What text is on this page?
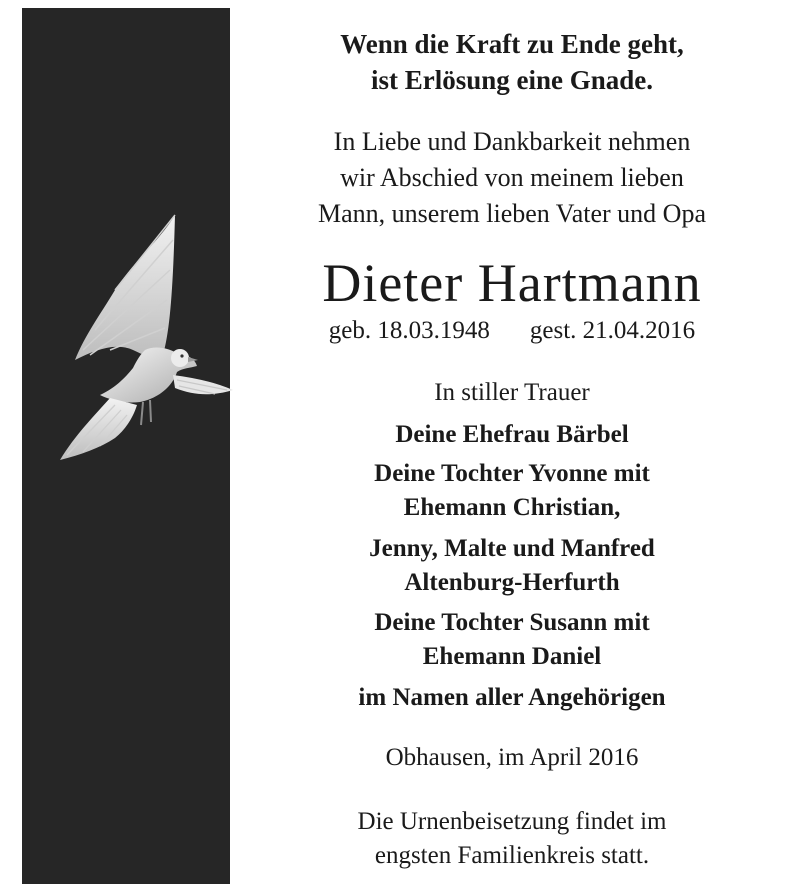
Wenn die Kraft zu Ende geht,
ist Erlösung eine Gnade.
In Liebe und Dankbarkeit nehmen
wir Abschied von meinem lieben
Mann, unserem lieben Vater und Opa
Dieter Hartmann
geb. 18.03.1948 gest. 21.04.2016
In stiller Trauer
Deine Ehefrau Bärbel
Deine Tochter Yvonne mit
Ehemann Christian,
Jenny, Malte und Manfred
Altenburg-Herfurth
Deine Tochter Susann mit
Ehemann Daniel
im Namen aller Angehörigen
Obhausen, im April 2016
Die Urnenbeisetzung findet im
engsten Familienkreis statt.
